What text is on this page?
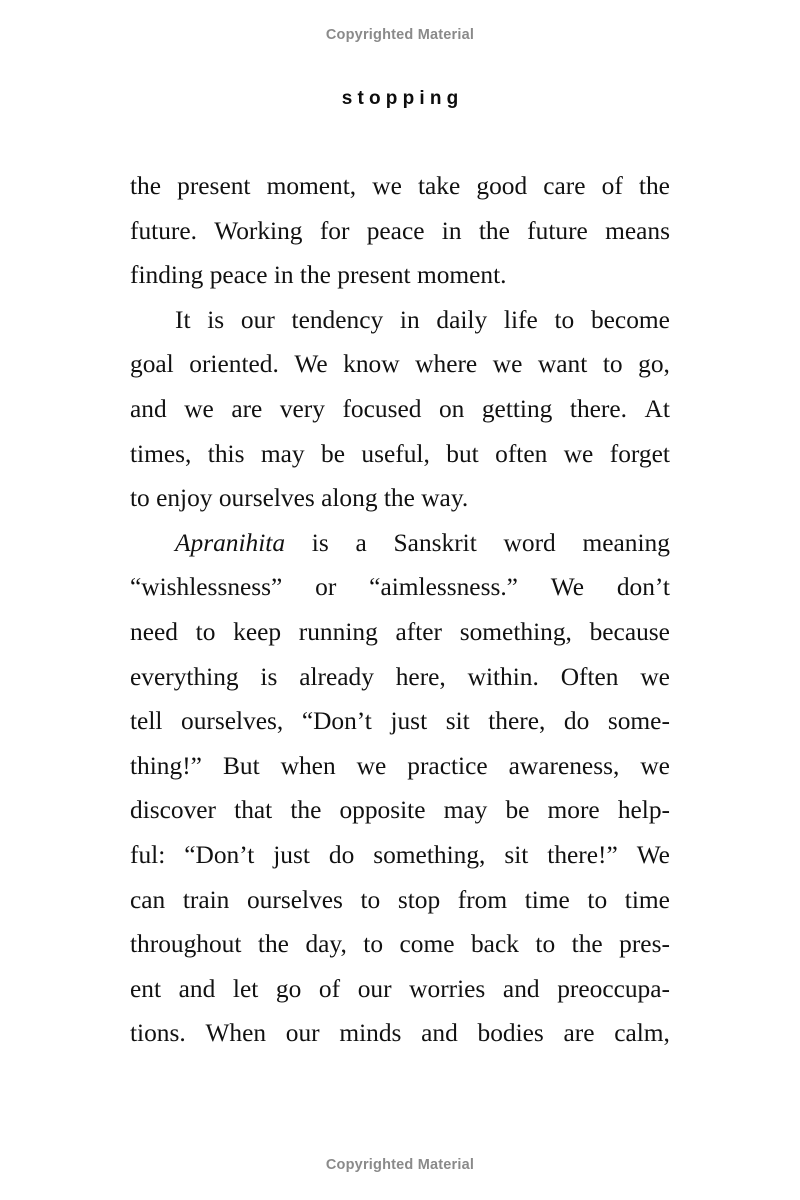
Copyrighted Material
stopping

the present moment, we take good care of the
future. Working for peace in the future means
finding peace in the present moment.

It is our tendency in daily life to become
goal oriented. We know where we want to go,
and we are very focused on getting there. At
times, this may be useful, but often we forget
to enjoy ourselves along the way.

Apranihita is a Sanskrit word meaning
“wishlessness” or “aimlessness.” We don’t
need to keep running after something, because
everything is already here, within. Often we
tell ourselves, “Don’t just sit there, do some-
thing!” But when we practice awareness, we
discover that the opposite may be more help-
ful: “Don’t just do something, sit there!” We
can train ourselves to stop from time to time
throughout the day, to come back to the pres-
ent and let go of our worries and preoccupa-
tions. When our minds and bodies are calm,

Copyrighted Material
